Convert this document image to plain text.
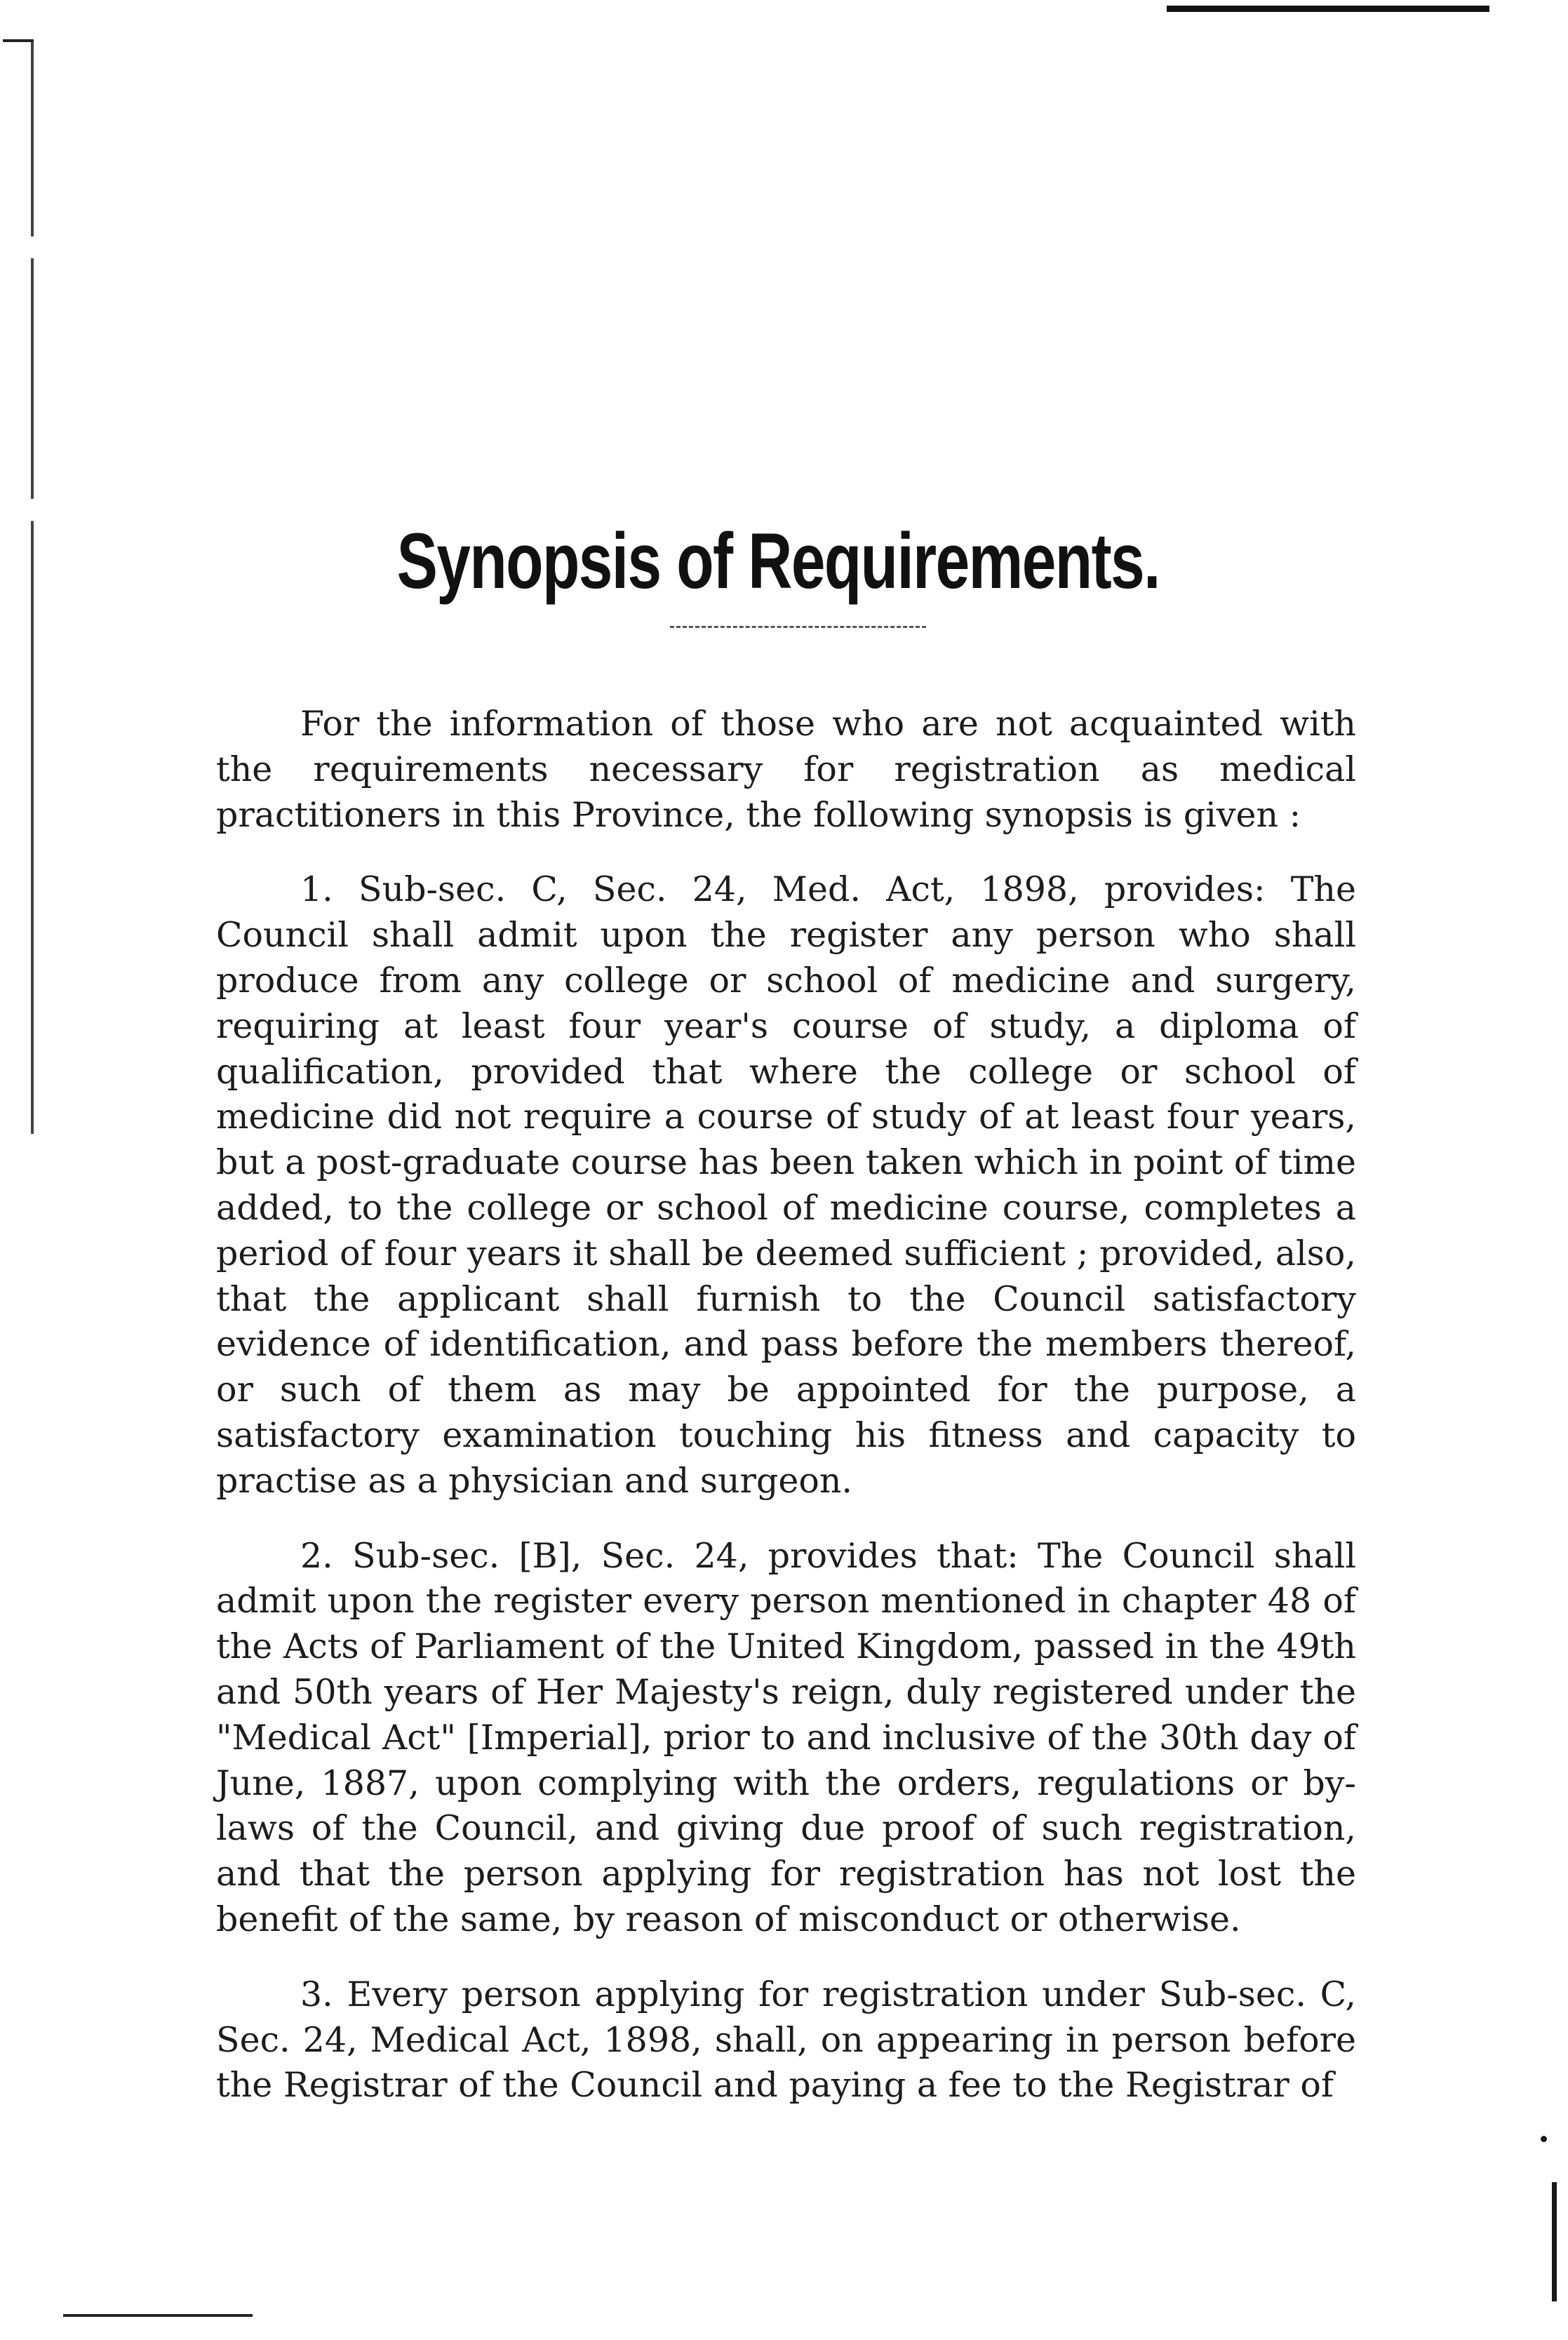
Synopsis of Requirements.

For the information of those who are not acquainted with the requirements necessary for registration as medical practitioners in this Province, the following synopsis is given :

1. Sub-sec. C, Sec. 24, Med. Act, 1898, provides: The Council shall admit upon the register any person who shall produce from any college or school of medicine and surgery, requiring at least four year's course of study, a diploma of qualification, provided that where the college or school of medicine did not require a course of study of at least four years, but a post-graduate course has been taken which in point of time added, to the college or school of medicine course, completes a period of four years it shall be deemed sufficient ; provided, also, that the applicant shall furnish to the Council satisfactory evidence of identification, and pass before the members thereof, or such of them as may be appointed for the purpose, a satisfactory examination touching his fitness and capacity to practise as a physician and surgeon.

2. Sub-sec. [B], Sec. 24, provides that: The Council shall admit upon the register every person mentioned in chapter 48 of the Acts of Parliament of the United Kingdom, passed in the 49th and 50th years of Her Majesty's reign, duly registered under the "Medical Act" [Imperial], prior to and inclusive of the 30th day of June, 1887, upon complying with the orders, regulations or by-laws of the Council, and giving due proof of such registration, and that the person applying for registration has not lost the benefit of the same, by reason of misconduct or otherwise.

3. Every person applying for registration under Sub-sec. C, Sec. 24, Medical Act, 1898, shall, on appearing in person before the Registrar of the Council and paying a fee to the Registrar of
